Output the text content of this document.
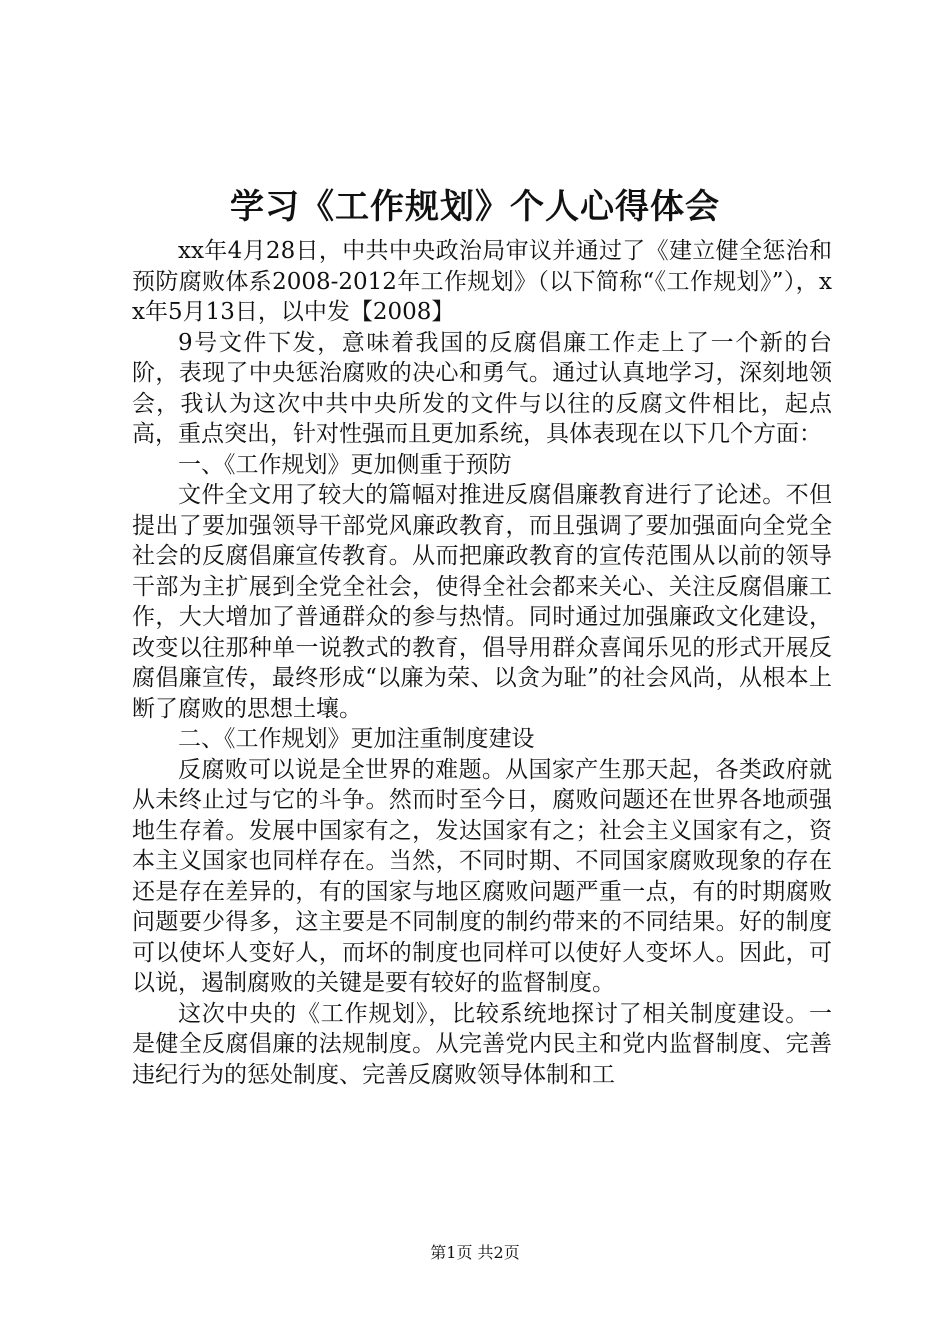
学习《工作规划》个人心得体会

xx年4月28日，中共中央政治局审议并通过了《建立健全惩治和预防腐败体系2008-2012年工作规划》（以下简称“《工作规划》”），xx年5月13日，以中发【2008】

9号文件下发，意味着我国的反腐倡廉工作走上了一个新的台阶，表现了中央惩治腐败的决心和勇气。通过认真地学习，深刻地领会，我认为这次中共中央所发的文件与以往的反腐文件相比，起点高，重点突出，针对性强而且更加系统，具体表现在以下几个方面：

一、《工作规划》更加侧重于预防

文件全文用了较大的篇幅对推进反腐倡廉教育进行了论述。不但提出了要加强领导干部党风廉政教育，而且强调了要加强面向全党全社会的反腐倡廉宣传教育。从而把廉政教育的宣传范围从以前的领导干部为主扩展到全党全社会，使得全社会都来关心、关注反腐倡廉工作，大大增加了普通群众的参与热情。同时通过加强廉政文化建设，改变以往那种单一说教式的教育，倡导用群众喜闻乐见的形式开展反腐倡廉宣传，最终形成“以廉为荣、以贪为耻”的社会风尚，从根本上断了腐败的思想土壤。

二、《工作规划》更加注重制度建设

反腐败可以说是全世界的难题。从国家产生那天起，各类政府就从未终止过与它的斗争。然而时至今日，腐败问题还在世界各地顽强地生存着。发展中国家有之，发达国家有之；社会主义国家有之，资本主义国家也同样存在。当然，不同时期、不同国家腐败现象的存在还是存在差异的，有的国家与地区腐败问题严重一点，有的时期腐败问题要少得多，这主要是不同制度的制约带来的不同结果。好的制度可以使坏人变好人，而坏的制度也同样可以使好人变坏人。因此，可以说，遏制腐败的关键是要有较好的监督制度。

这次中央的《工作规划》，比较系统地探讨了相关制度建设。一是健全反腐倡廉的法规制度。从完善党内民主和党内监督制度、完善违纪行为的惩处制度、完善反腐败领导体制和工

第1页 共2页
